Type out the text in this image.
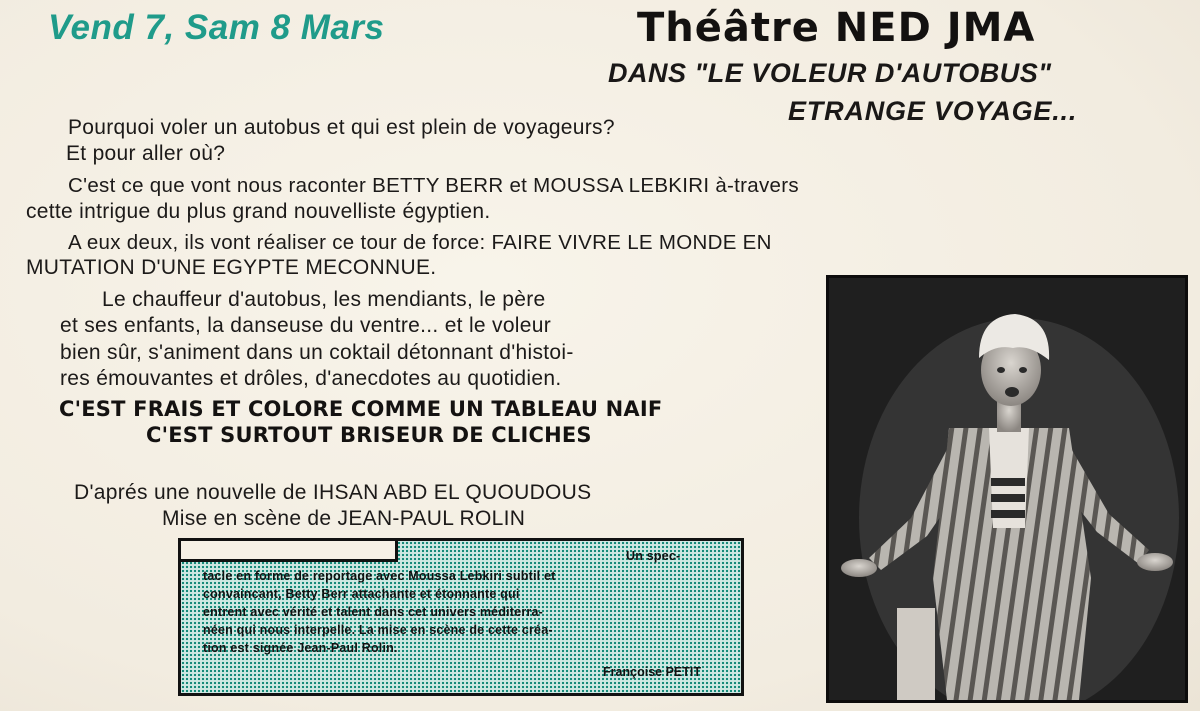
Vend 7, Sam 8 Mars	Théâtre NED JMA
DANS "LE VOLEUR D'AUTOBUS"
ETRANGE VOYAGE...
Pourquoi voler un autobus et qui est plein de voyageurs?
Et pour aller où?
C'est ce que vont nous raconter BETTY BERR et MOUSSA LEBKIRI à-travers
cette intrigue du plus grand nouvelliste égyptien.
A eux deux, ils vont réaliser ce tour de force: FAIRE VIVRE LE MONDE EN
MUTATION D'UNE EGYPTE MECONNUE.
Le chauffeur d'autobus, les mendiants, le père
et ses enfants, la danseuse du ventre... et le voleur
bien sûr, s'animent dans un coktail détonnant d'histoi-
res émouvantes et drôles, d'anecdotes au quotidien.
C'EST FRAIS ET COLORE COMME UN TABLEAU NAIF
C'EST SURTOUT BRISEUR DE CLICHES
D'aprés une nouvelle de IHSAN ABD EL QUOUDOUS
Mise en scène de JEAN-PAUL ROLIN
Un spec-
tacle en forme de reportage avec Moussa Lebkiri subtil et
convaincant, Betty Berr attachante et étonnante qui
entrent avec vérité et talent dans cet univers méditerra-
néen qui nous interpelle. La mise en scène de cette créa-
tion est signée Jean-Paul Rolin.
Françoise PETIT
